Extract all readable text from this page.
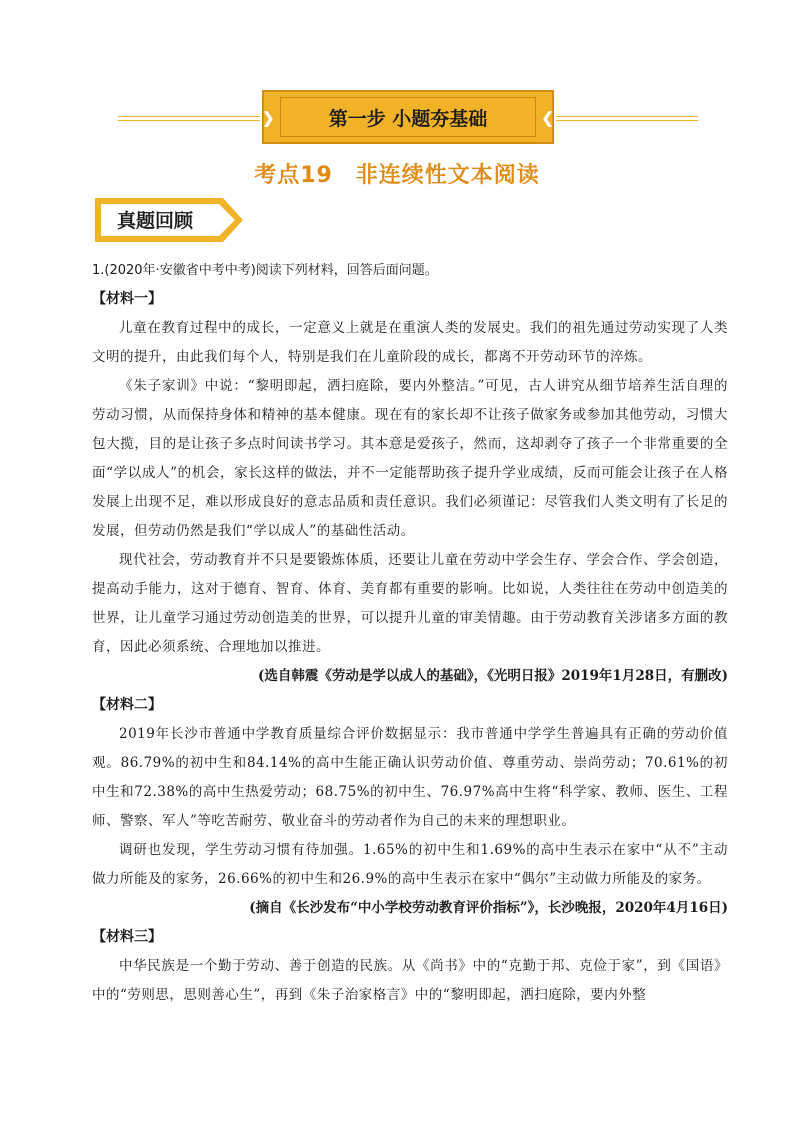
第一步 小题夯基础
❯	❮
考点19　非连续性文本阅读
真题回顾

1.(2020年·安徽省中考中考)阅读下列材料，回答后面问题。

【材料一】

儿童在教育过程中的成长，一定意义上就是在重演人类的发展史。我们的祖先通过劳动实现了人类文明的提升，由此我们每个人，特别是我们在儿童阶段的成长，都离不开劳动环节的淬炼。

《朱子家训》中说：“黎明即起，洒扫庭除，要内外整洁。”可见，古人讲究从细节培养生活自理的劳动习惯，从而保持身体和精神的基本健康。现在有的家长却不让孩子做家务或参加其他劳动，习惯大包大揽，目的是让孩子多点时间读书学习。其本意是爱孩子，然而，这却剥夺了孩子一个非常重要的全面“学以成人”的机会，家长这样的做法，并不一定能帮助孩子提升学业成绩，反而可能会让孩子在人格发展上出现不足，难以形成良好的意志品质和责任意识。我们必须谨记：尽管我们人类文明有了长足的发展，但劳动仍然是我们“学以成人”的基础性活动。

现代社会，劳动教育并不只是要锻炼体质，还要让儿童在劳动中学会生存、学会合作、学会创造，提高动手能力，这对于德育、智育、体育、美育都有重要的影响。比如说，人类往往在劳动中创造美的世界，让儿童学习通过劳动创造美的世界，可以提升儿童的审美情趣。由于劳动教育关涉诸多方面的教育，因此必须系统、合理地加以推进。

(选自韩震《劳动是学以成人的基础》，《光明日报》2019年1月28日，有删改)

【材料二】

2019年长沙市普通中学教育质量综合评价数据显示：我市普通中学学生普遍具有正确的劳动价值观。86.79%的初中生和84.14%的高中生能正确认识劳动价值、尊重劳动、崇尚劳动；70.61%的初中生和72.38%的高中生热爱劳动；68.75%的初中生、76.97%高中生将“科学家、教师、医生、工程师、警察、军人”等吃苦耐劳、敬业奋斗的劳动者作为自己的未来的理想职业。

调研也发现，学生劳动习惯有待加强。1.65%的初中生和1.69%的高中生表示在家中“从不”主动做力所能及的家务，26.66%的初中生和26.9%的高中生表示在家中“偶尔”主动做力所能及的家务。

(摘自《长沙发布“中小学校劳动教育评价指标”》，长沙晚报，2020年4月16日)

【材料三】

中华民族是一个勤于劳动、善于创造的民族。从《尚书》中的“克勤于邦、克俭于家”，到《国语》中的“劳则思，思则善心生”，再到《朱子治家格言》中的“黎明即起，洒扫庭除，要内外整
